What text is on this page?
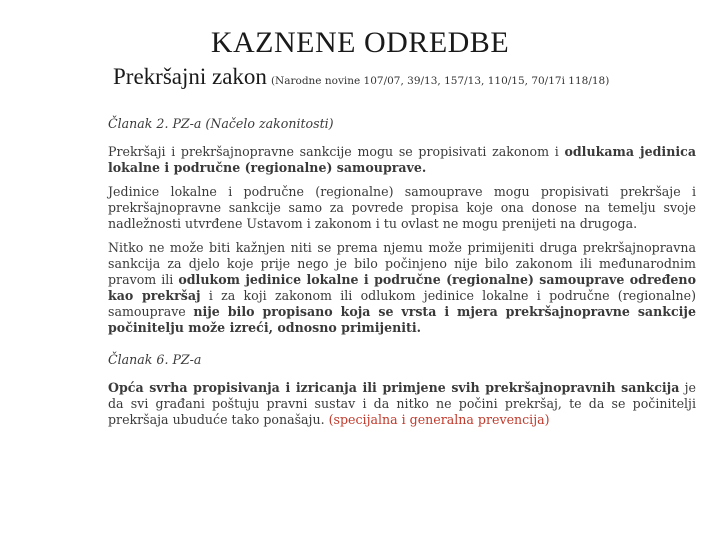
KAZNENE ODREDBE
Prekršajni zakon (Narodne novine 107/07, 39/13, 157/13, 110/15, 70/17i 118/18)

Članak 2. PZ-a (Načelo zakonitosti)

Prekršaji i prekršajnopravne sankcije mogu se propisivati zakonom i odlukama jedinica lokalne i područne (regionalne) samouprave.

Jedinice lokalne i područne (regionalne) samouprave mogu propisivati prekršaje i prekršajnopravne sankcije samo za povrede propisa koje ona donose na temelju svoje nadležnosti utvrđene Ustavom i zakonom i tu ovlast ne mogu prenijeti na drugoga.

Nitko ne može biti kažnjen niti se prema njemu može primijeniti druga prekršajnopravna sankcija za djelo koje prije nego je bilo počinjeno nije bilo zakonom ili međunarodnim pravom ili odlukom jedinice lokalne i područne (regionalne) samouprave određeno kao prekršaj i za koji zakonom ili odlukom jedinice lokalne i područne (regionalne) samouprave nije bilo propisano koja se vrsta i mjera prekršajnopravne sankcije počinitelju može izreći, odnosno primijeniti.

Članak 6. PZ-a

Opća svrha propisivanja i izricanja ili primjene svih prekršajnopravnih sankcija je da svi građani poštuju pravni sustav i da nitko ne počini prekršaj, te da se počinitelji prekršaja ubuduće tako ponašaju. (specijalna i generalna prevencija)
